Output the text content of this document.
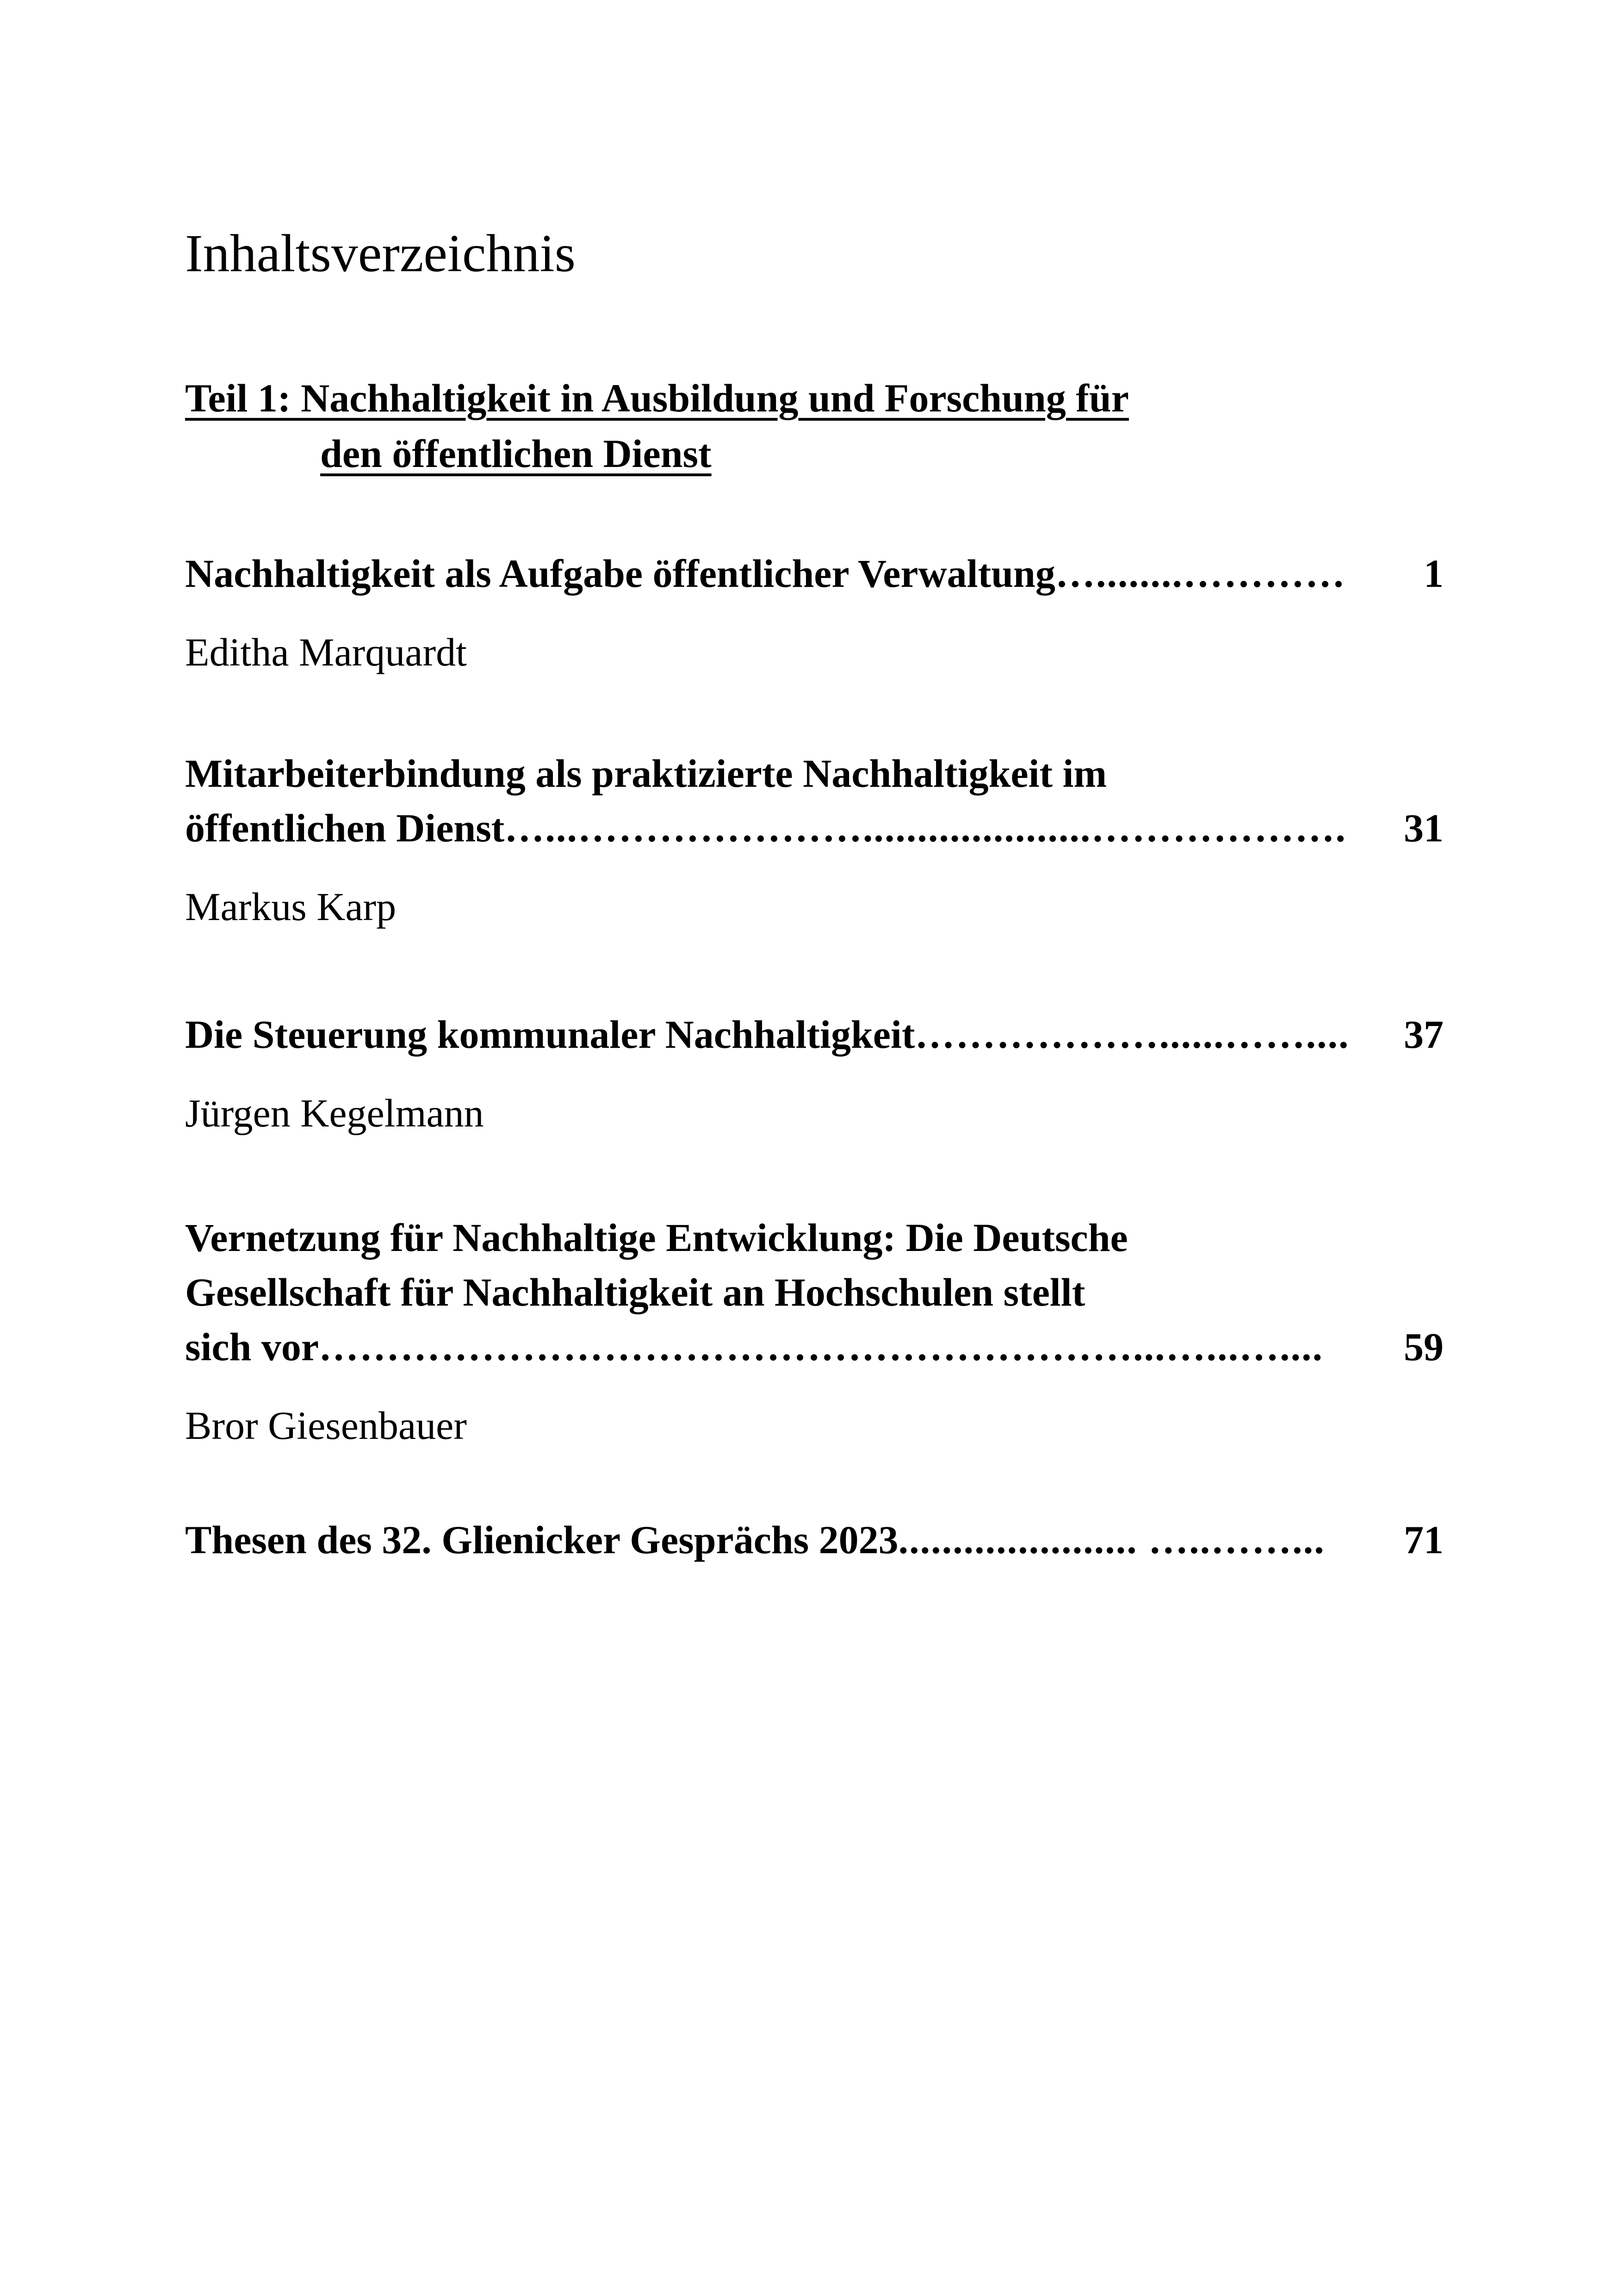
Inhaltsverzeichnis
Teil 1: Nachhaltigkeit in Ausbildung und Forschung für
den öffentlichen Dienst
Nachhaltigkeit als Aufgabe öffentlicher Verwaltung …........…………	1
Editha Marquardt
Mitarbeiterbindung als praktizierte Nachhaltigkeit im
öffentlichen Dienst …...………………….....................……………….	31
Markus Karp
Die Steuerung kommunaler Nachhaltigkeit ………………......……....	37
Jürgen Kegelmann
Vernetzung für Nachhaltige Entwicklung: Die Deutsche
Gesellschaft für Nachhaltigkeit an Hochschulen stellt
sich vor ……………………………………………………...…...…....	59
Bror Giesenbauer
Thesen des 32. Glienicker Gesprächs 2023 ...................... …..……...	71
